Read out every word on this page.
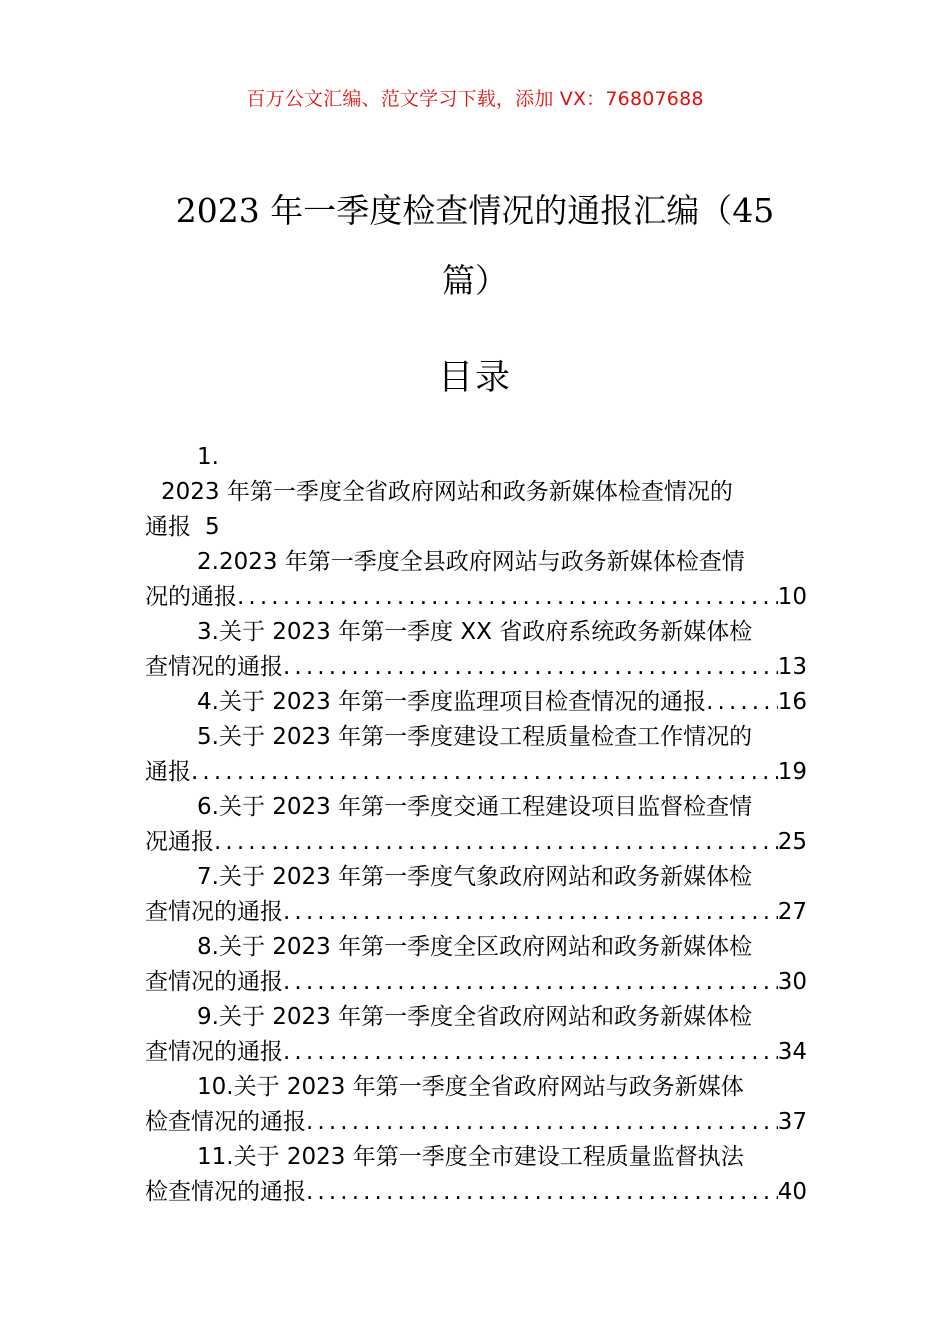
百万公文汇编、范文学习下载，添加 VX：76807688
2023 年一季度检查情况的通报汇编（45
篇）
目录
1.
2023 年第一季度全省政府网站和政务新媒体检查情况的
通报 5
2.2023 年第一季度全县政府网站与政务新媒体检查情
况的通报 . . .	10
3.关于 2023 年第一季度 XX 省政府系统政务新媒体检
查情况的通报 . . .	13
4.关于 2023 年第一季度监理项目检查情况的通报 . . .	16
5.关于 2023 年第一季度建设工程质量检查工作情况的
通报 . . .	19
6.关于 2023 年第一季度交通工程建设项目监督检查情
况通报 . . .	25
7.关于 2023 年第一季度气象政府网站和政务新媒体检
查情况的通报 . . .	27
8.关于 2023 年第一季度全区政府网站和政务新媒体检
查情况的通报 . . .	30
9.关于 2023 年第一季度全省政府网站和政务新媒体检
查情况的通报 . . .	34
10.关于 2023 年第一季度全省政府网站与政务新媒体
检查情况的通报 . . .	37
11.关于 2023 年第一季度全市建设工程质量监督执法
检查情况的通报 . . .	40
